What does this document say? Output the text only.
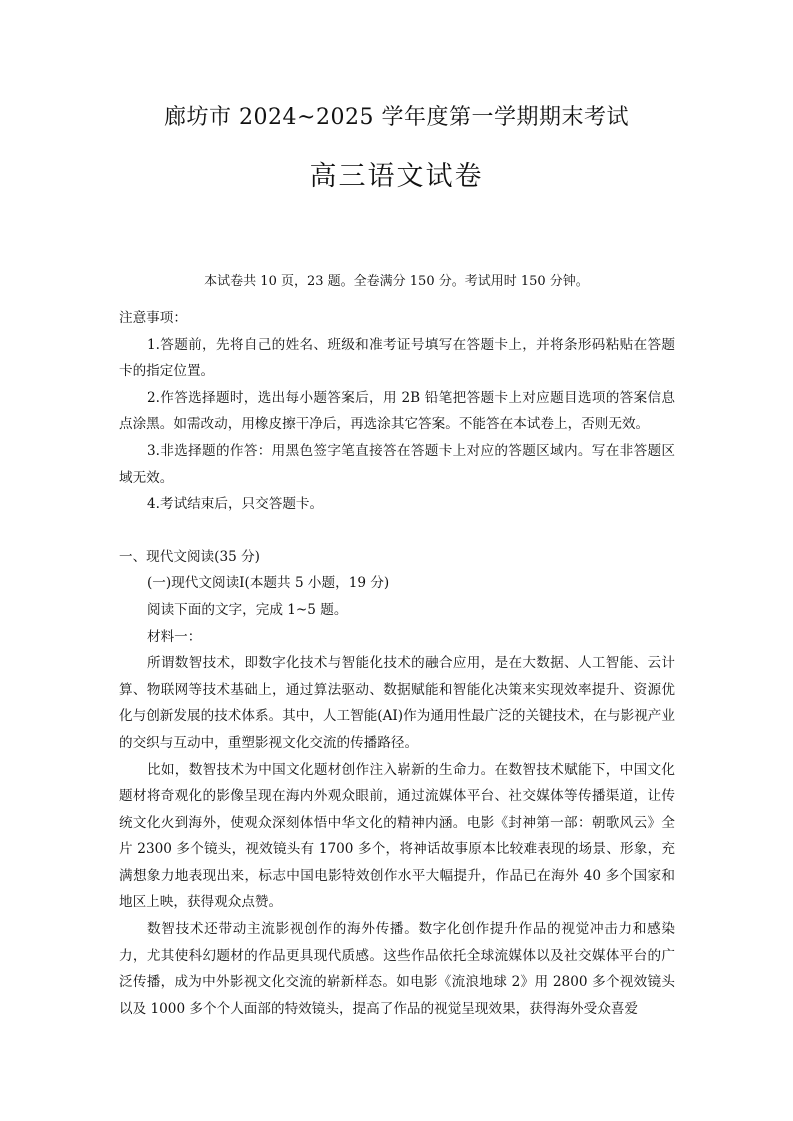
廊坊市 2024~2025 学年度第一学期期末考试
高三语文试卷
本试卷共 10 页，23 题。全卷满分 150 分。考试用时 150 分钟。

注意事项：

1.答题前，先将自己的姓名、班级和准考证号填写在答题卡上，并将条形码粘贴在答题卡的指定位置。

2.作答选择题时，选出每小题答案后，用 2B 铅笔把答题卡上对应题目选项的答案信息点涂黑。如需改动，用橡皮擦干净后，再选涂其它答案。不能答在本试卷上，否则无效。

3.非选择题的作答：用黑色签字笔直接答在答题卡上对应的答题区域内。写在非答题区域无效。

4.考试结束后，只交答题卡。

一、现代文阅读(35 分)

(一)现代文阅读Ⅰ(本题共 5 小题，19 分)

阅读下面的文字，完成 1~5 题。

材料一：

所谓数智技术，即数字化技术与智能化技术的融合应用，是在大数据、人工智能、云计算、物联网等技术基础上，通过算法驱动、数据赋能和智能化决策来实现效率提升、资源优化与创新发展的技术体系。其中，人工智能(AI)作为通用性最广泛的关键技术，在与影视产业的交织与互动中，重塑影视文化交流的传播路径。

比如，数智技术为中国文化题材创作注入崭新的生命力。在数智技术赋能下，中国文化题材将奇观化的影像呈现在海内外观众眼前，通过流媒体平台、社交媒体等传播渠道，让传统文化火到海外，使观众深刻体悟中华文化的精神内涵。电影《封神第一部：朝歌风云》全片 2300 多个镜头，视效镜头有 1700 多个，将神话故事原本比较难表现的场景、形象，充满想象力地表现出来，标志中国电影特效创作水平大幅提升，作品已在海外 40 多个国家和地区上映，获得观众点赞。

数智技术还带动主流影视创作的海外传播。数字化创作提升作品的视觉冲击力和感染力，尤其使科幻题材的作品更具现代质感。这些作品依托全球流媒体以及社交媒体平台的广泛传播，成为中外影视文化交流的崭新样态。如电影《流浪地球 2》用 2800 多个视效镜头以及 1000 多个个人面部的特效镜头，提高了作品的视觉呈现效果，获得海外受众喜爱
